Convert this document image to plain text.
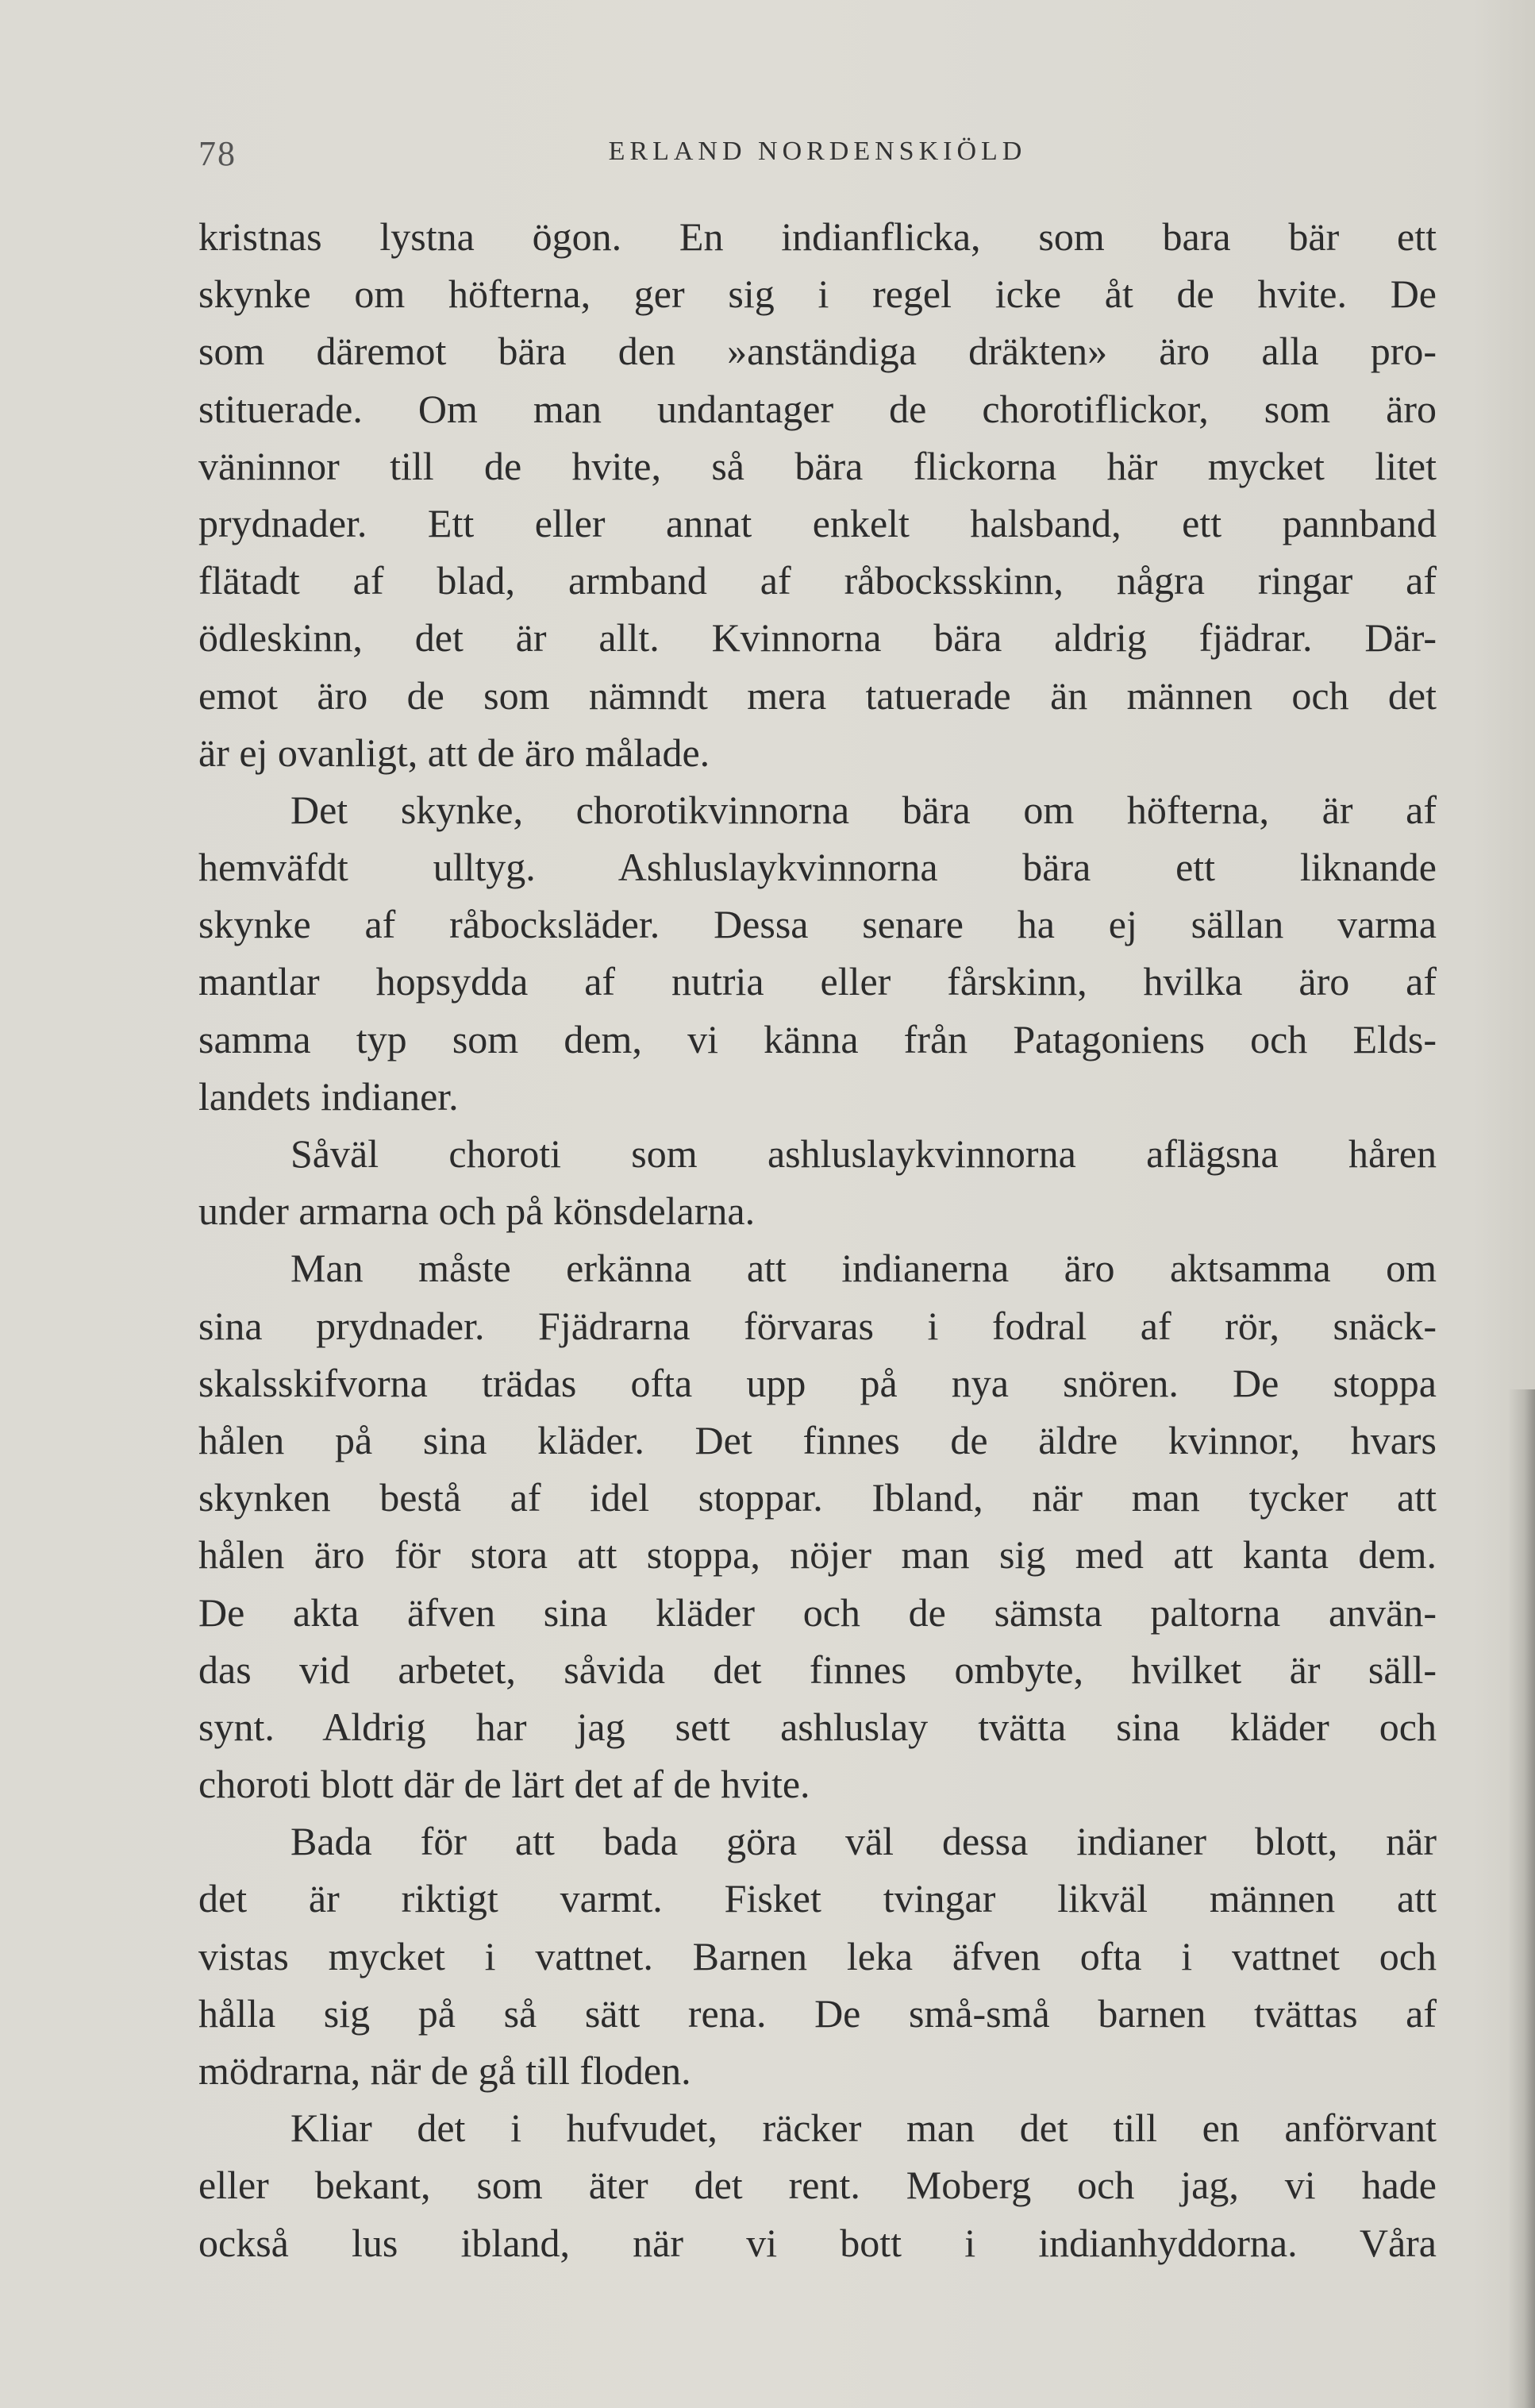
78	ERLAND NORDENSKIÖLD
kristnas lystna ögon. En indianflicka, som bara bär ett
skynke om höfterna, ger sig i regel icke åt de hvite. De
som däremot bära den »anständiga dräkten» äro alla pro-
stituerade. Om man undantager de chorotiflickor, som äro
väninnor till de hvite, så bära flickorna här mycket litet
prydnader. Ett eller annat enkelt halsband, ett pannband
flätadt af blad, armband af råbocksskinn, några ringar af
ödleskinn, det är allt. Kvinnorna bära aldrig fjädrar. Där-
emot äro de som nämndt mera tatuerade än männen och det
är ej ovanligt, att de äro målade.
Det skynke, chorotikvinnorna bära om höfterna, är af
hemväfdt ulltyg. Ashluslaykvinnorna bära ett liknande
skynke af råbocksläder. Dessa senare ha ej sällan varma
mantlar hopsydda af nutria eller fårskinn, hvilka äro af
samma typ som dem, vi känna från Patagoniens och Elds-
landets indianer.
Såväl choroti som ashluslaykvinnorna aflägsna håren
under armarna och på könsdelarna.
Man måste erkänna att indianerna äro aktsamma om
sina prydnader. Fjädrarna förvaras i fodral af rör, snäck-
skalsskifvorna trädas ofta upp på nya snören. De stoppa
hålen på sina kläder. Det finnes de äldre kvinnor, hvars
skynken bestå af idel stoppar. Ibland, när man tycker att
hålen äro för stora att stoppa, nöjer man sig med att kanta dem.
De akta äfven sina kläder och de sämsta paltorna använ-
das vid arbetet, såvida det finnes ombyte, hvilket är säll-
synt. Aldrig har jag sett ashluslay tvätta sina kläder och
choroti blott där de lärt det af de hvite.
Bada för att bada göra väl dessa indianer blott, när
det är riktigt varmt. Fisket tvingar likväl männen att
vistas mycket i vattnet. Barnen leka äfven ofta i vattnet och
hålla sig på så sätt rena. De små-små barnen tvättas af
mödrarna, när de gå till floden.
Kliar det i hufvudet, räcker man det till en anförvant
eller bekant, som äter det rent. Moberg och jag, vi hade
också lus ibland, när vi bott i indianhyddorna. Våra
